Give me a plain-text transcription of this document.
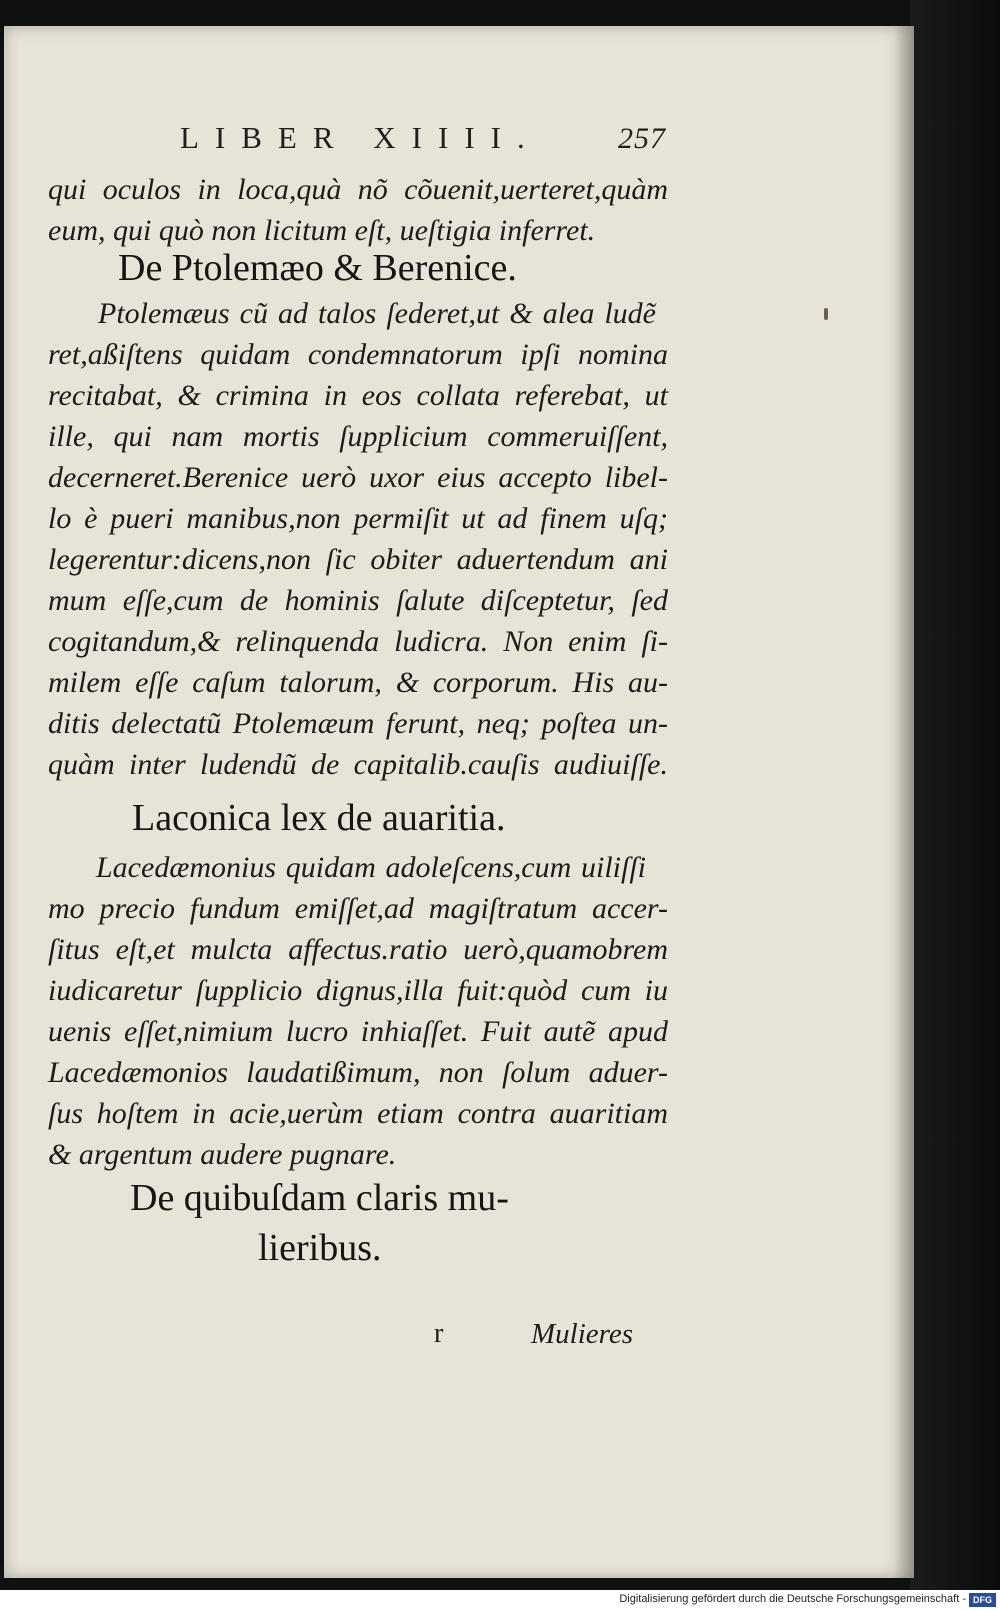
LIBER XIIII.	257
qui oculos in loca,quà nõ cõuenit,uerteret,quàm
eum, qui quò non licitum eſt, ueſtigia inferret.
De Ptolemæo & Berenice.
Ptolemæus cũ ad talos ſederet,ut & alea ludẽ
ret,aßiſtens quidam condemnatorum ipſi nomina
recitabat, & crimina in eos collata referebat, ut
ille, qui nam mortis ſupplicium commeruiſſent,
decerneret.Berenice uerò uxor eius accepto libel-
lo è pueri manibus,non permiſit ut ad finem uſq;
legerentur:dicens,non ſic obiter aduertendum ani
mum eſſe,cum de hominis ſalute diſceptetur, ſed
cogitandum,& relinquenda ludicra. Non enim ſi-
milem eſſe caſum talorum, & corporum. His au-
ditis delectatũ Ptolemæum ferunt, neq; poſtea un-
quàm inter ludendũ de capitalib.cauſis audiuiſſe.
Laconica lex de auaritia.
Lacedæmonius quidam adoleſcens,cum uiliſſi
mo precio fundum emiſſet,ad magiſtratum accer-
ſitus eſt,et mulcta affectus.ratio uerò,quamobrem
iudicaretur ſupplicio dignus,illa fuit:quòd cum iu
uenis eſſet,nimium lucro inhiaſſet. Fuit autẽ apud
Lacedæmonios laudatißimum, non ſolum aduer-
ſus hoſtem in acie,uerùm etiam contra auaritiam
& argentum audere pugnare.
De quibuſdam claris mu-
lieribus.
r	Mulieres
Digitalisierung gefördert durch die Deutsche Forschungsgemeinschaft - DFG
